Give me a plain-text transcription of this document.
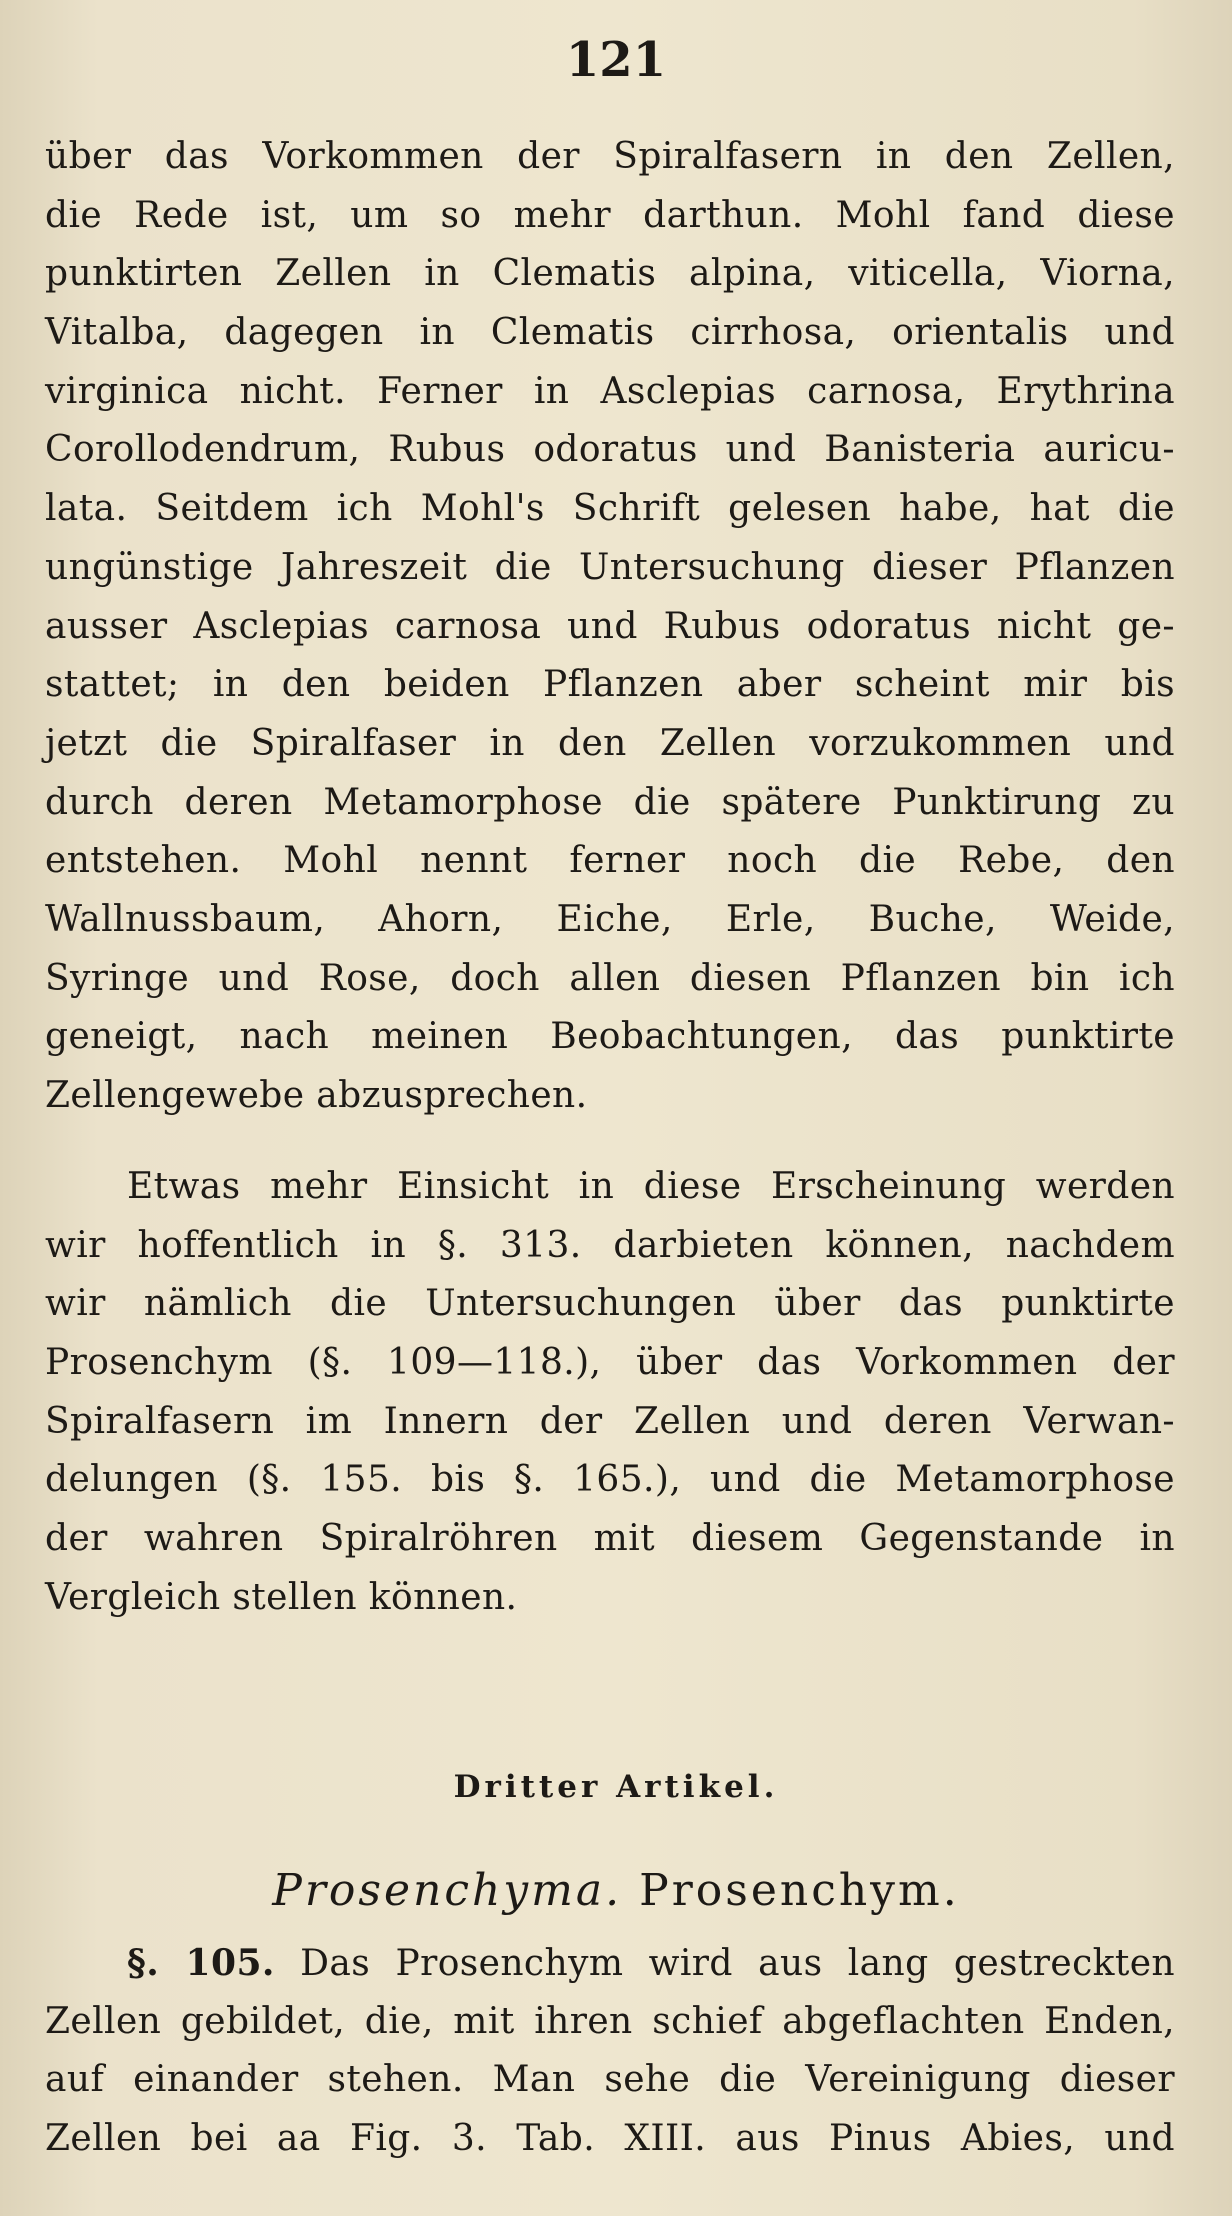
121
über das Vorkommen der Spiralfasern in den Zellen,
die Rede ist, um so mehr darthun. Mohl fand diese
punktirten Zellen in Clematis alpina, viticella, Viorna,
Vitalba, dagegen in Clematis cirrhosa, orientalis und
virginica nicht. Ferner in Asclepias carnosa, Erythrina
Corollodendrum, Rubus odoratus und Banisteria auricu-
lata. Seitdem ich Mohl's Schrift gelesen habe, hat die
ungünstige Jahreszeit die Untersuchung dieser Pflanzen
ausser Asclepias carnosa und Rubus odoratus nicht ge-
stattet; in den beiden Pflanzen aber scheint mir bis
jetzt die Spiralfaser in den Zellen vorzukommen und
durch deren Metamorphose die spätere Punktirung zu
entstehen. Mohl nennt ferner noch die Rebe, den
Wallnussbaum, Ahorn, Eiche, Erle, Buche, Weide,
Syringe und Rose, doch allen diesen Pflanzen bin ich
geneigt, nach meinen Beobachtungen, das punktirte
Zellengewebe abzusprechen.
Etwas mehr Einsicht in diese Erscheinung werden
wir hoffentlich in §. 313. darbieten können, nachdem
wir nämlich die Untersuchungen über das punktirte
Prosenchym (§. 109—118.), über das Vorkommen der
Spiralfasern im Innern der Zellen und deren Verwan-
delungen (§. 155. bis §. 165.), und die Metamorphose
der wahren Spiralröhren mit diesem Gegenstande in
Vergleich stellen können.
Dritter Artikel.
Prosenchyma. Prosenchym.
§. 105. Das Prosenchym wird aus lang gestreckten
Zellen gebildet, die, mit ihren schief abgeflachten Enden,
auf einander stehen. Man sehe die Vereinigung dieser
Zellen bei aa Fig. 3. Tab. XIII. aus Pinus Abies, und
